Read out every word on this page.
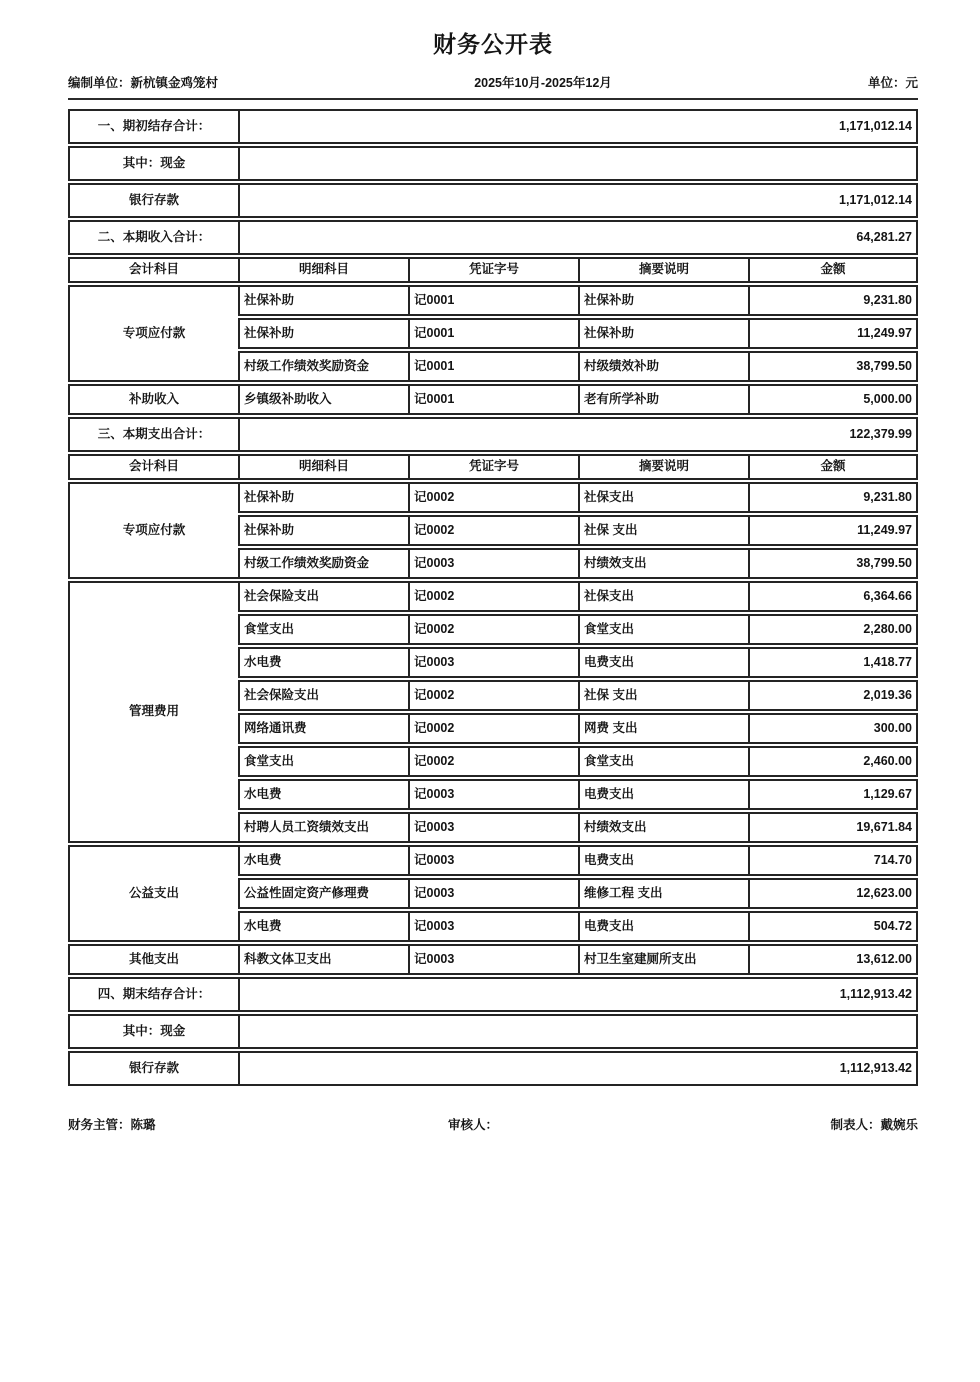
财务公开表
编制单位：新杭镇金鸡笼村	2025年10月-2025年12月	单位：元
一、期初结存合计：	1,171,012.14			
其中：现金				
银行存款	1,171,012.14			
二、本期收入合计：	64,281.27			
会计科目	明细科目	凭证字号	摘要说明	金额
专项应付款	社保补助	记0001	社保补助	9,231.80
	社保补助	记0001	社保补助	11,249.97
	村级工作绩效奖励资金	记0001	村级绩效补助	38,799.50
补助收入	乡镇级补助收入	记0001	老有所学补助	5,000.00
三、本期支出合计：	122,379.99			
会计科目	明细科目	凭证字号	摘要说明	金额
专项应付款	社保补助	记0002	社保支出	9,231.80
	社保补助	记0002	社保 支出	11,249.97
	村级工作绩效奖励资金	记0003	村绩效支出	38,799.50
管理费用	社会保险支出	记0002	社保支出	6,364.66
	食堂支出	记0002	食堂支出	2,280.00
	水电费	记0003	电费支出	1,418.77
	社会保险支出	记0002	社保 支出	2,019.36
	网络通讯费	记0002	网费 支出	300.00
	食堂支出	记0002	食堂支出	2,460.00
	水电费	记0003	电费支出	1,129.67
	村聘人员工资绩效支出	记0003	村绩效支出	19,671.84
公益支出	水电费	记0003	电费支出	714.70
	公益性固定资产修理费	记0003	维修工程 支出	12,623.00
	水电费	记0003	电费支出	504.72
其他支出	科教文体卫支出	记0003	村卫生室建厕所支出	13,612.00
四、期末结存合计：	1,112,913.42			
其中：现金				
银行存款	1,112,913.42			
财务主管：陈璐	审核人：	制表人：戴婉乐
